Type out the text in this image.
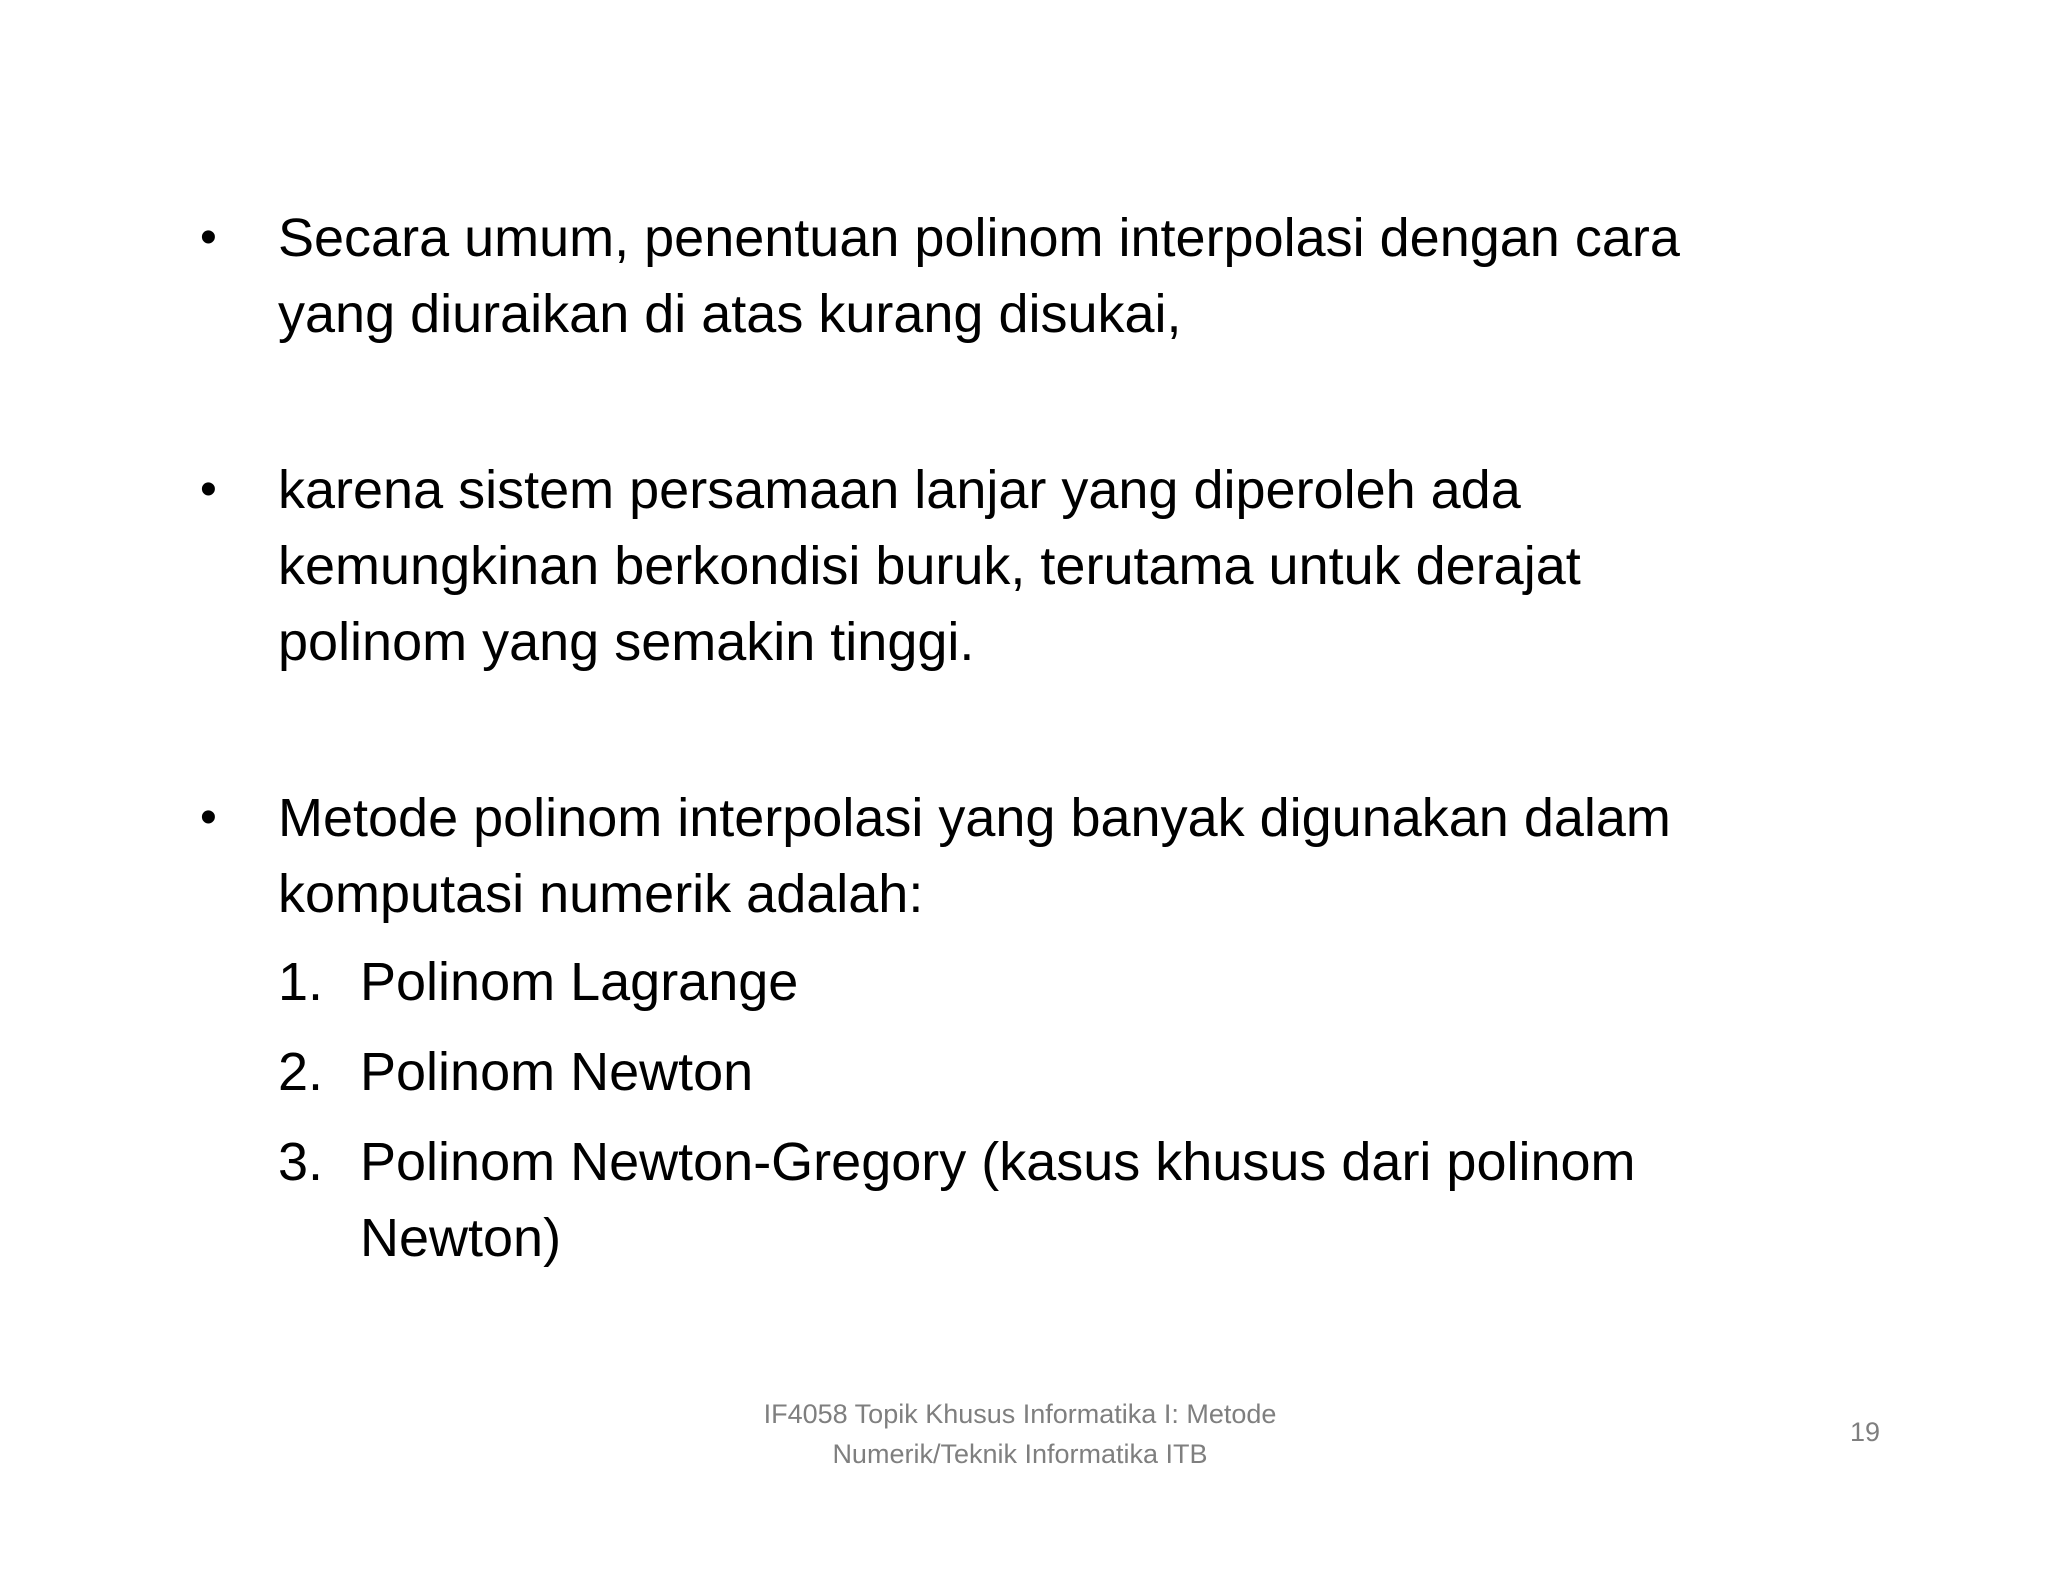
• Secara umum, penentuan polinom interpolasi dengan cara
yang diuraikan di atas kurang disukai,
• karena sistem persamaan lanjar yang diperoleh ada
kemungkinan berkondisi buruk, terutama untuk derajat
polinom yang semakin tinggi.
• Metode polinom interpolasi yang banyak digunakan dalam
komputasi numerik adalah:
1. Polinom Lagrange
2. Polinom Newton
3. Polinom Newton-Gregory (kasus khusus dari polinom
Newton)
IF4058 Topik Khusus Informatika I: Metode
Numerik/Teknik Informatika ITB
19
